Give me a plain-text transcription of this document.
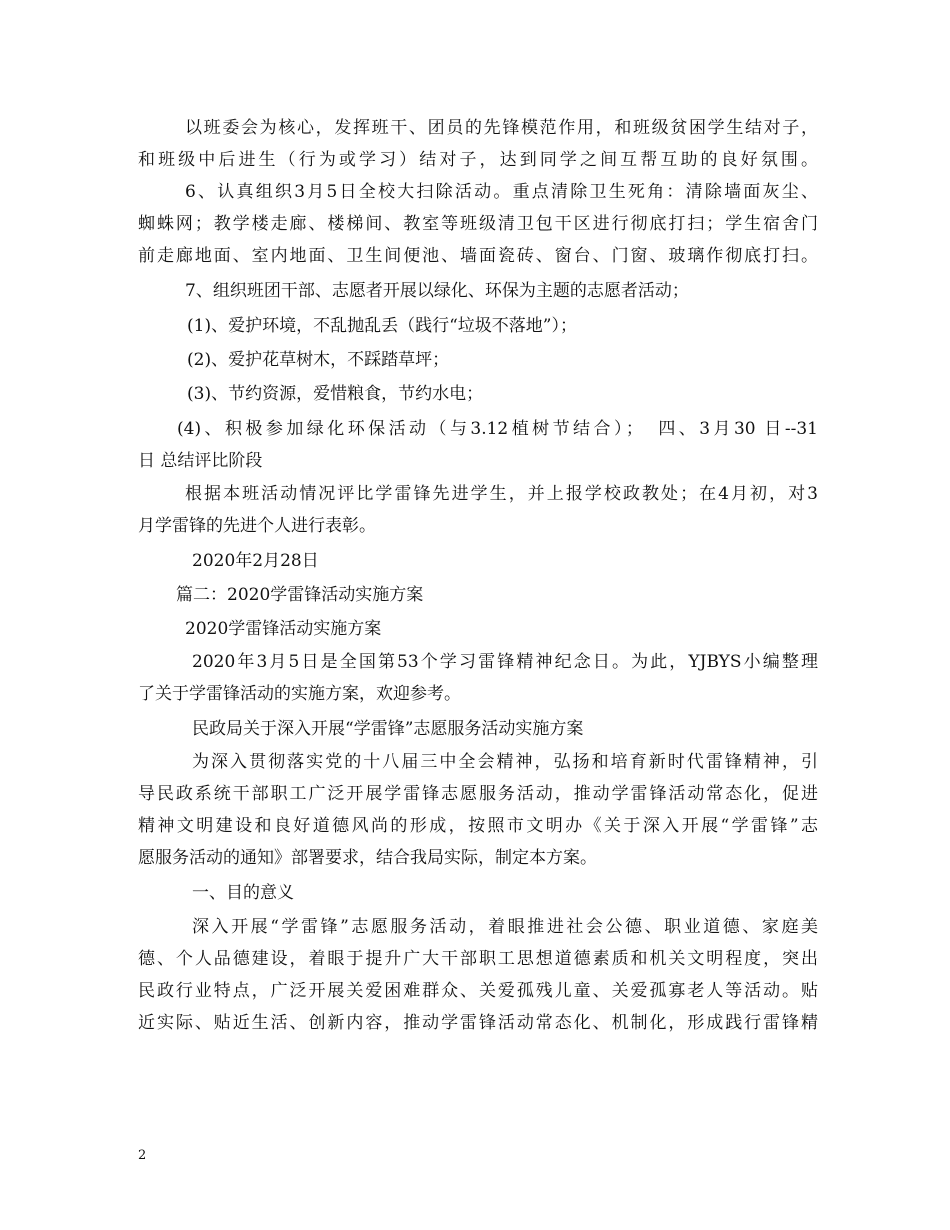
以班委会为核心，发挥班干、团员的先锋模范作用，和班级贫困学生结对子，
和班级中后进生（行为或学习）结对子，达到同学之间互帮互助的良好氛围。
6、认真组织3月5日全校大扫除活动。重点清除卫生死角：清除墙面灰尘、
蜘蛛网；教学楼走廊、楼梯间、教室等班级清卫包干区进行彻底打扫；学生宿舍门
前走廊地面、室内地面、卫生间便池、墙面瓷砖、窗台、门窗、玻璃作彻底打扫。
7、组织班团干部、志愿者开展以绿化、环保为主题的志愿者活动；
(1)、爱护环境，不乱抛乱丢（践行“垃圾不落地”）；
(2)、爱护花草树木，不踩踏草坪；
(3)、节约资源，爱惜粮食，节约水电；
(4)、积极参加绿化环保活动（与3.12植树节结合）；　四、3月30 日--31
日 总结评比阶段
根据本班活动情况评比学雷锋先进学生，并上报学校政教处；在4月初，对3
月学雷锋的先进个人进行表彰。
2020年2月28日
篇二：2020学雷锋活动实施方案
2020学雷锋活动实施方案
2020年3月5日是全国第53个学习雷锋精神纪念日。为此，YJBYS小编整理
了关于学雷锋活动的实施方案，欢迎参考。
民政局关于深入开展“学雷锋”志愿服务活动实施方案
为深入贯彻落实党的十八届三中全会精神，弘扬和培育新时代雷锋精神，引
导民政系统干部职工广泛开展学雷锋志愿服务活动，推动学雷锋活动常态化，促进
精神文明建设和良好道德风尚的形成，按照市文明办《关于深入开展“学雷锋”志
愿服务活动的通知》部署要求，结合我局实际，制定本方案。
一、目的意义
深入开展“学雷锋”志愿服务活动，着眼推进社会公德、职业道德、家庭美
德、个人品德建设，着眼于提升广大干部职工思想道德素质和机关文明程度，突出
民政行业特点，广泛开展关爱困难群众、关爱孤残儿童、关爱孤寡老人等活动。贴
近实际、贴近生活、创新内容，推动学雷锋活动常态化、机制化，形成践行雷锋精
2
